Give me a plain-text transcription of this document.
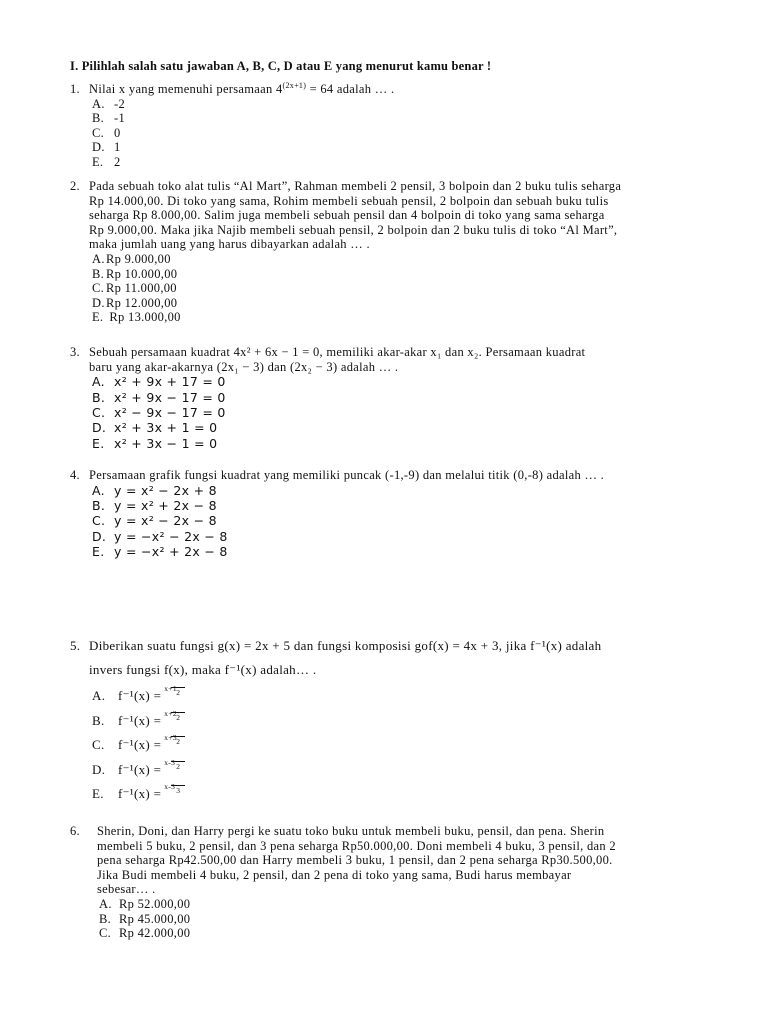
I. Pilihlah salah satu jawaban A, B, C, D atau E yang menurut kamu benar !
1. Nilai x yang memenuhi persamaan $4^{(2x+1)} = 64$ adalah … .
A. -2
B. -1
C. 0
D. 1
E. 2
2. Pada sebuah toko alat tulis “Al Mart”, Rahman membeli 2 pensil, 3 bolpoin dan 2 buku tulis seharga
Rp 14.000,00. Di toko yang sama, Rohim membeli sebuah pensil, 2 bolpoin dan sebuah buku tulis
seharga Rp 8.000,00. Salim juga membeli sebuah pensil dan 4 bolpoin di toko yang sama seharga
Rp 9.000,00. Maka jika Najib membeli sebuah pensil, 2 bolpoin dan 2 buku tulis di toko “Al Mart”,
maka jumlah uang yang harus dibayarkan adalah … .
A.Rp 9.000,00
B. Rp 10.000,00
C. Rp 11.000,00
D.Rp 12.000,00
E. Rp 13.000,00
3. Sebuah persamaan kuadrat 4x² + 6x − 1 = 0, memiliki akar-akar x₁ dan x₂. Persamaan kuadrat
baru yang akar-akarnya (2x₁ − 3) dan (2x₂ − 3) adalah … .
A. x² + 9x + 17 = 0
B. x² + 9x − 17 = 0
C. x² − 9x − 17 = 0
D. x² + 3x + 1 = 0
E. x² + 3x − 1 = 0
4. Persamaan grafik fungsi kuadrat yang memiliki puncak (-1,-9) dan melalui titik (0,-8) adalah … .
A. y = x² − 2x + 8
B. y = x² + 2x − 8
C. y = x² − 2x − 8
D. y = −x² − 2x − 8
E. y = −x² + 2x − 8
5. Diberikan suatu fungsi g(x) = 2x + 5 dan fungsi komposisi gof(x) = 4x + 3, jika f⁻¹(x) adalah
invers fungsi f(x), maka f⁻¹(x) adalah… .
A. f⁻¹(x) = x+1 2
B. f⁻¹(x) = x+2 2
C. f⁻¹(x) = x+3 2
D. f⁻¹(x) = x-3 2
E. f⁻¹(x) = x-3 3
6. Sherin, Doni, dan Harry pergi ke suatu toko buku untuk membeli buku, pensil, dan pena. Sherin
membeli 5 buku, 2 pensil, dan 3 pena seharga Rp50.000,00. Doni membeli 4 buku, 3 pensil, dan 2
pena seharga Rp42.500,00 dan Harry membeli 3 buku, 1 pensil, dan 2 pena seharga Rp30.500,00.
Jika Budi membeli 4 buku, 2 pensil, dan 2 pena di toko yang sama, Budi harus membayar
sebesar… .
A. Rp 52.000,00
B. Rp 45.000,00
C. Rp 42.000,00
